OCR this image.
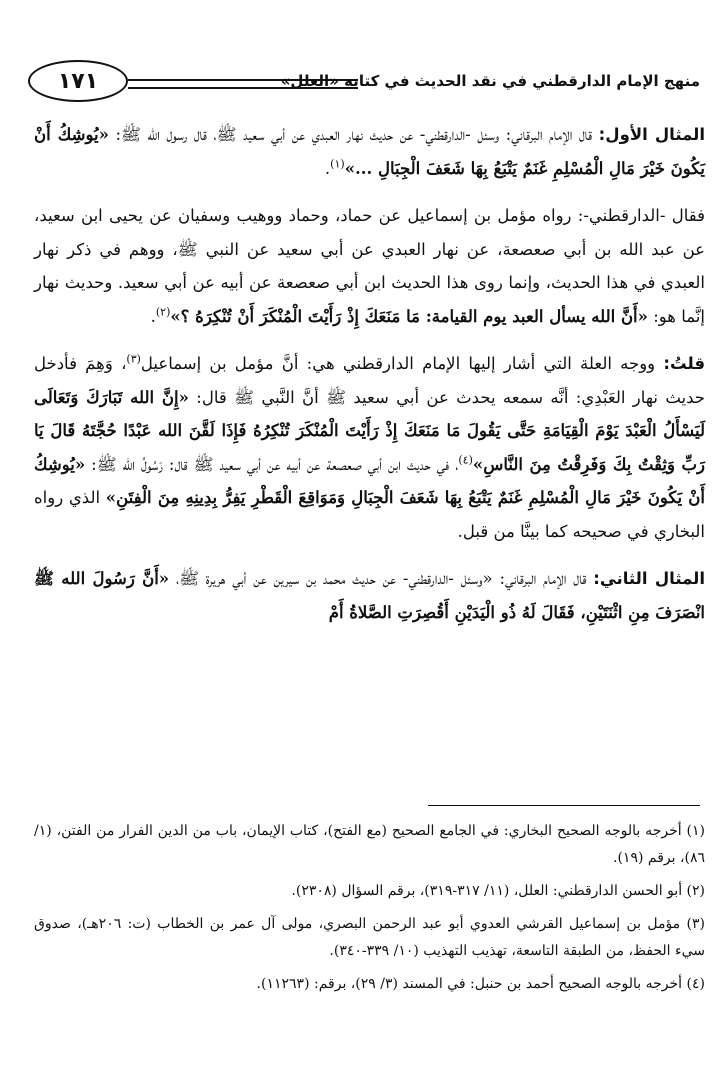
منهج الإمام الدارقطني في نقد الحديث في كتابه «العلل»
١٧١

المثال الأول: قال الإمام البرقاني: وسئل -الدارقطني- عن حديث نهار العبدي عن أبي سعيد ﷺ، قال رسول الله ﷺ: «يُوشِكُ أَنْ يَكُونَ خَيْرَ مَالِ الْمُسْلِمِ غَنَمٌ يَتْبَعُ بِهَا شَعَفَ الْجِبَالِ ...»$^{(١)}$.

فقال -الدارقطني-: رواه مؤمل بن إسماعيل عن حماد، وحماد ووهيب وسفيان عن يحيى ابن سعيد، عن عبد الله بن أبي صعصعة، عن نهار العبدي عن أبي سعيد عن النبي ﷺ، ووهم في ذكر نهار العبدي في هذا الحديث، وإنما روى هذا الحديث ابن أبي صعصعة عن أبيه عن أبي سعيد. وحديث نهار إنَّما هو: «أَنَّ الله يسأل العبد يوم القيامة: مَا مَنَعَكَ إِذْ رَأَيْتَ الْمُنْكَرَ أَنْ تُنْكِرَهُ ؟»$^{(٢)}$.

قلتُ: ووجه العلة التي أشار إليها الإمام الدارقطني هي: أنَّ مؤمل بن إسماعيل$^{(٣)}$، وَهِمَ فأدخل حديث نهار العَبْدِي: أنَّه سمعه يحدث عن أبي سعيد ﷺ أنَّ النَّبي ﷺ قال: «إِنَّ الله تَبَارَكَ وَتَعَالَى لَيَسْأَلُ الْعَبْدَ يَوْمَ الْقِيَامَةِ حَتَّى يَقُولَ مَا مَنَعَكَ إِذْ رَأَيْتَ الْمُنْكَرَ تُنْكِرُهُ فَإِذَا لَقَّنَ الله عَبْدًا حُجَّتَهُ قَالَ يَا رَبِّ وَثِقْتُ بِكَ وَفَرِقْتُ مِنَ النَّاسِ»$^{(٤)}$، في حديث ابن أبي صعصعة عن أبيه عن أبي سعيد ﷺ قال: رَسُولُ الله ﷺ: «يُوشِكُ أَنْ يَكُونَ خَيْرَ مَالِ الْمُسْلِمِ غَنَمٌ يَتْبَعُ بِهَا شَعَفَ الْجِبَالِ وَمَوَاقِعَ الْقَطْرِ يَفِرُّ بِدِينِهِ مِنَ الْفِتَنِ» الذي رواه البخاري في صحيحه كما بينَّا من قبل.

المثال الثاني: قال الإمام البرقاني: «وسئل -الدارقطني- عن حديث محمد بن سيرين عن أبي هريرة ﷺ، «أَنَّ رَسُولَ الله ﷺ انْصَرَفَ مِنِ اثْنَتَيْنِ، فَقَالَ لَهُ ذُو الْيَدَيْنِ أَقُصِرَتِ الصَّلاةُ أَمْ

(١) أخرجه بالوجه الصحيح البخاري: في الجامع الصحيح (مع الفتح)، كتاب الإيمان، باب من الدين الفرار من الفتن، (١/ ٨٦)، برقم (١٩).

(٢) أبو الحسن الدارقطني: العلل، (١١/ ٣١٧-٣١٩)، برقم السؤال (٢٣٠٨).

(٣) مؤمل بن إسماعيل القرشي العدوي أبو عبد الرحمن البصري، مولى آل عمر بن الخطاب (ت: ٢٠٦هـ)، صدوق سيء الحفظ، من الطبقة التاسعة، تهذيب التهذيب (١٠/ ٣٣٩-٣٤٠).

(٤) أخرجه بالوجه الصحيح أحمد بن حنبل: في المسند (٣/ ٢٩)، برقم: (١١٢٦٣).
